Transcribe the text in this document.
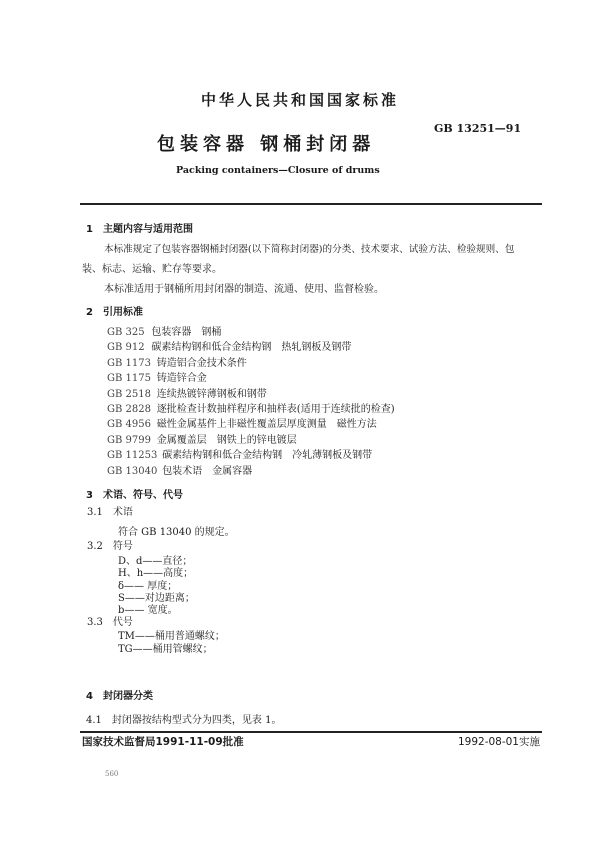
中华人民共和国国家标准
GB 13251—91
包装容器 钢桶封闭器
Packing containers—Closure of drums
1　主题内容与适用范围
本标准规定了包装容器钢桶封闭器(以下简称封闭器)的分类、技术要求、试验方法、检验规则、包
装、标志、运输、贮存等要求。
本标准适用于钢桶所用封闭器的制造、流通、使用、监督检验。
2　引用标准
GB 325 包装容器　钢桶
GB 912 碳素结构钢和低合金结构钢　热轧钢板及钢带
GB 1173 铸造铝合金技术条件
GB 1175 铸造锌合金
GB 2518 连续热镀锌薄钢板和钢带
GB 2828 逐批检查计数抽样程序和抽样表(适用于连续批的检查)
GB 4956 磁性金属基件上非磁性覆盖层厚度测量　磁性方法
GB 9799 金属覆盖层　钢铁上的锌电镀层
GB 11253 碳素结构钢和低合金结构钢　冷轧薄钢板及钢带
GB 13040 包装术语　金属容器
3　术语、符号、代号
3.1　术语
符合 GB 13040 的规定。
3.2　符号
D、d——直径；
H、h——高度；
δ—— 厚度；
S——对边距离；
b—— 宽度。
3.3　代号
TM——桶用普通螺纹；
TG——桶用管螺纹；
4　封闭器分类
4.1　封闭器按结构型式分为四类，见表 1。
国家技术监督局1991-11-09批准	1992-08-01实施
560
